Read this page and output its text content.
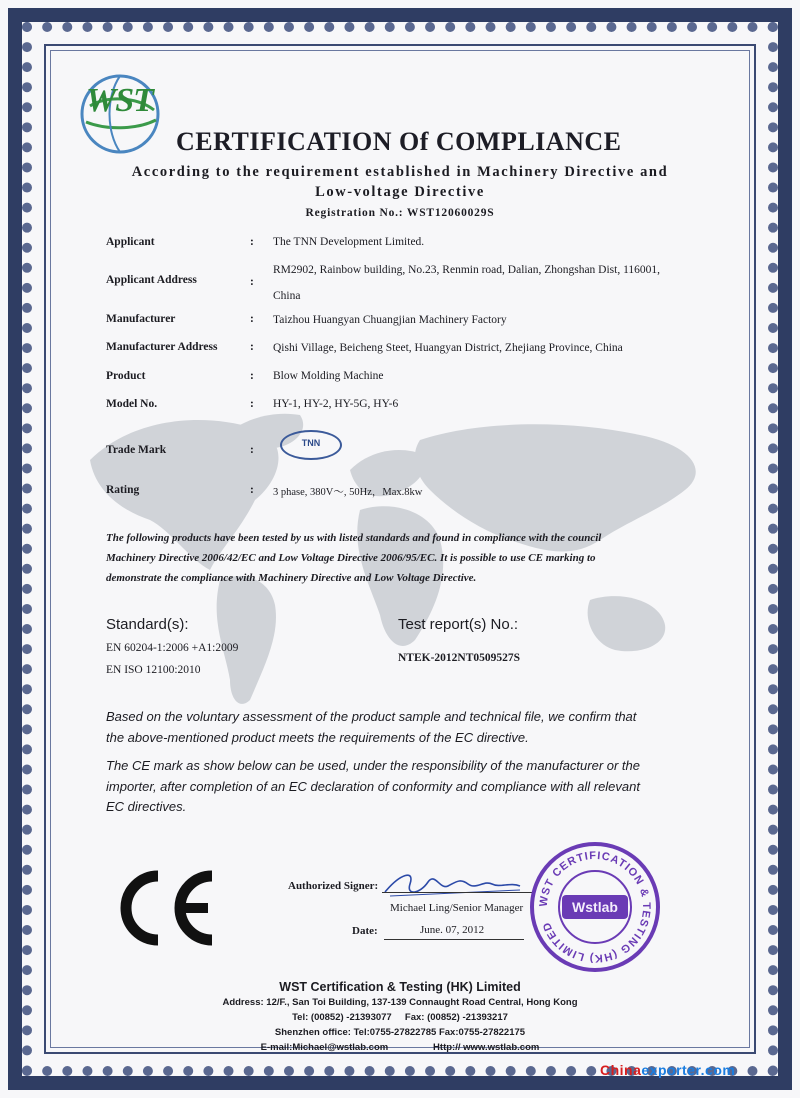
WST
CERTIFICATION Of COMPLIANCE
According to the requirement established in Machinery Directive and
Low-voltage Directive
Registration No.: WST12060029S
Applicant	: The TNN Development Limited.
Applicant Address	:
RM2902, Rainbow building, No.23, Renmin road, Dalian, Zhongshan Dist, 116001,
China
Manufacturer	: Taizhou Huangyan Chuangjian Machinery Factory
Manufacturer Address	: Qishi Village, Beicheng Steet, Huangyan District, Zhejiang Province, China
Product	: Blow Molding Machine
Model No.	: HY-1, HY-2, HY-5G, HY-6
Trade Mark	:
TNN
Rating	: 3 phase, 380V～, 50Hz，Max.8kw
The following products have been tested by us with listed standards and found in compliance with the council
Machinery Directive 2006/42/EC and Low Voltage Directive 2006/95/EC. It is possible to use CE marking to
demonstrate the compliance with Machinery Directive and Low Voltage Directive.
Standard(s):
EN 60204-1:2006 +A1:2009
EN ISO 12100:2010
Test report(s) No.:
NTEK-2012NT0509527S
Based on the voluntary assessment of the product sample and technical file, we confirm that
the above-mentioned product meets the requirements of the EC directive.
The CE mark as show below can be used, under the responsibility of the manufacturer or the
importer, after completion of an EC declaration of conformity and compliance with all relevant
EC directives.
Authorized Signer:
Michael Ling/Senior Manager
Date:	June. 07, 2012
WST CERTIFICATION & TESTING (HK) LIMITED
Wstlab
WST Certification & Testing (HK) Limited
Address: 12/F., San Toi Building, 137-139 Connaught Road Central, Hong Kong
Tel: (00852) -21393077     Fax: (00852) -21393217
Shenzhen office: Tel:0755-27822785 Fax:0755-27822175
E-mail:Michael@wstlab.com                 Http:// www.wstlab.com
Chinaexporter.com
